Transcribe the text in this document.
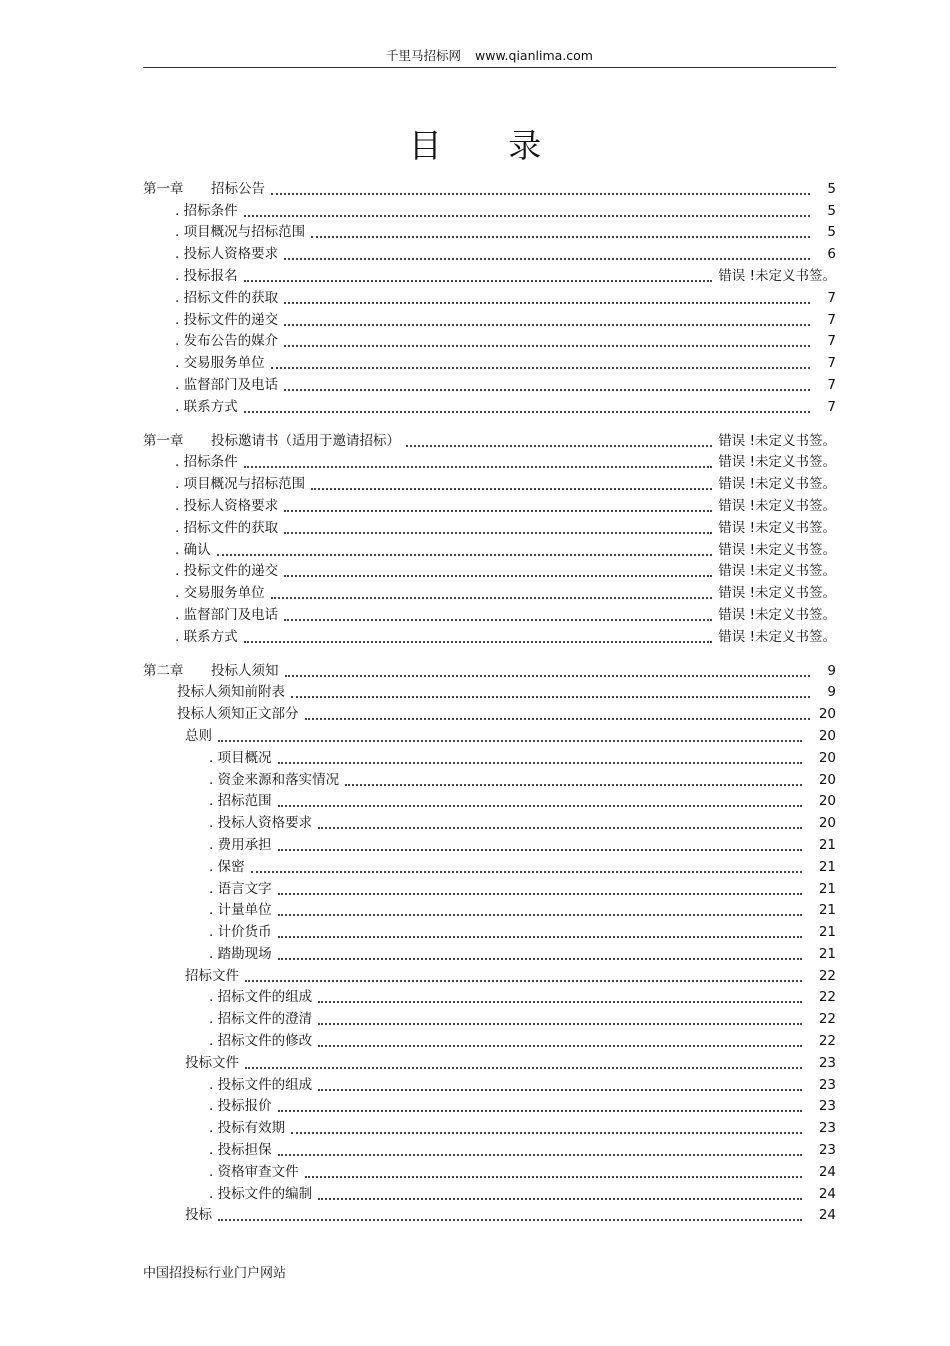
千里马招标网 www.qianlima.com
目 录
第一章 招标公告	5
. 招标条件	5
. 项目概况与招标范围	5
. 投标人资格要求	6
. 投标报名	错误 !未定义书签。
. 招标文件的获取	7
. 投标文件的递交	7
. 发布公告的媒介	7
. 交易服务单位	7
. 监督部门及电话	7
. 联系方式	7
第一章 投标邀请书（适用于邀请招标）	错误 !未定义书签。
. 招标条件	错误 !未定义书签。
. 项目概况与招标范围	错误 !未定义书签。
. 投标人资格要求	错误 !未定义书签。
. 招标文件的获取	错误 !未定义书签。
. 确认	错误 !未定义书签。
. 投标文件的递交	错误 !未定义书签。
. 交易服务单位	错误 !未定义书签。
. 监督部门及电话	错误 !未定义书签。
. 联系方式	错误 !未定义书签。
第二章 投标人须知	9
投标人须知前附表	9
投标人须知正文部分	20
总则	20
. 项目概况	20
. 资金来源和落实情况	20
. 招标范围	20
. 投标人资格要求	20
. 费用承担	21
. 保密	21
. 语言文字	21
. 计量单位	21
. 计价货币	21
. 踏勘现场	21
招标文件	22
. 招标文件的组成	22
. 招标文件的澄清	22
. 招标文件的修改	22
投标文件	23
. 投标文件的组成	23
. 投标报价	23
. 投标有效期	23
. 投标担保	23
. 资格审查文件	24
. 投标文件的编制	24
投标	24
中国招投标行业门户网站
